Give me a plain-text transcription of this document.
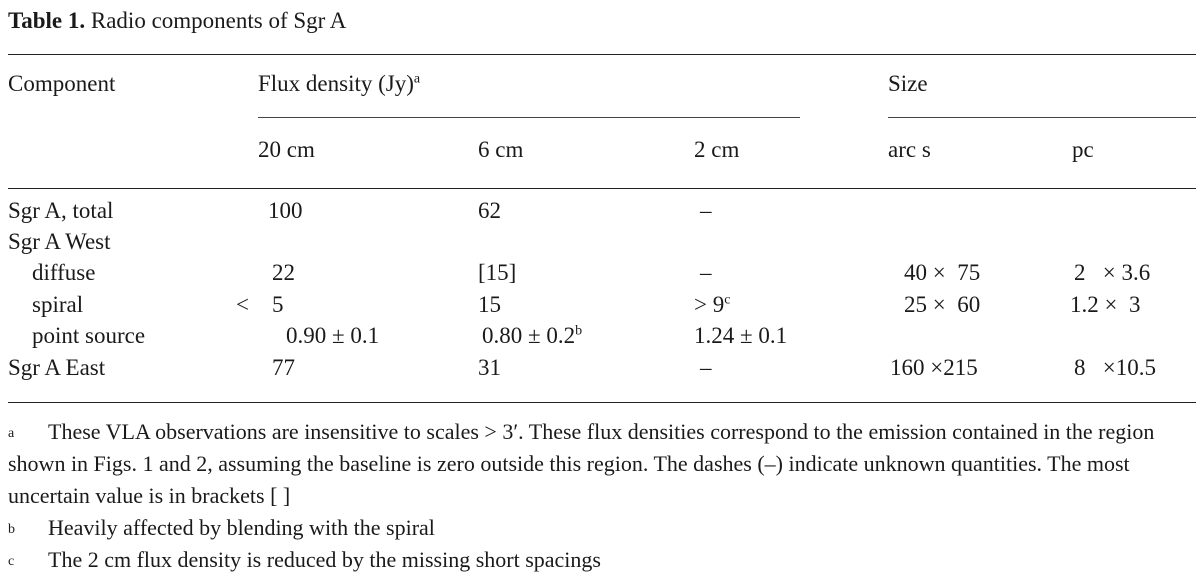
Table 1. Radio components of Sgr A
Component	Flux density $(Jy)^a$	Size
20 cm	6 cm	2 cm	arc s	pc
Sgr A, total	100	62	–
Sgr A West
diffuse	22	[15]	–	40 ×  75	2   × 3.6
spiral	< 5	15	> $9^c$	25 ×  60	1.2 ×  3
point source	0.90 ± 0.1	0.80 ± 0.2$^b$	1.24 ± 0.1
Sgr A East	77	31	–	160 ×215	8   ×10.5
a These VLA observations are insensitive to scales > 3′. These flux densities correspond to the emission contained in the region shown in Figs. 1 and 2, assuming the baseline is zero outside this region. The dashes (–) indicate unknown quantities. The most uncertain value is in brackets [ ]
b Heavily affected by blending with the spiral
c The 2 cm flux density is reduced by the missing short spacings
